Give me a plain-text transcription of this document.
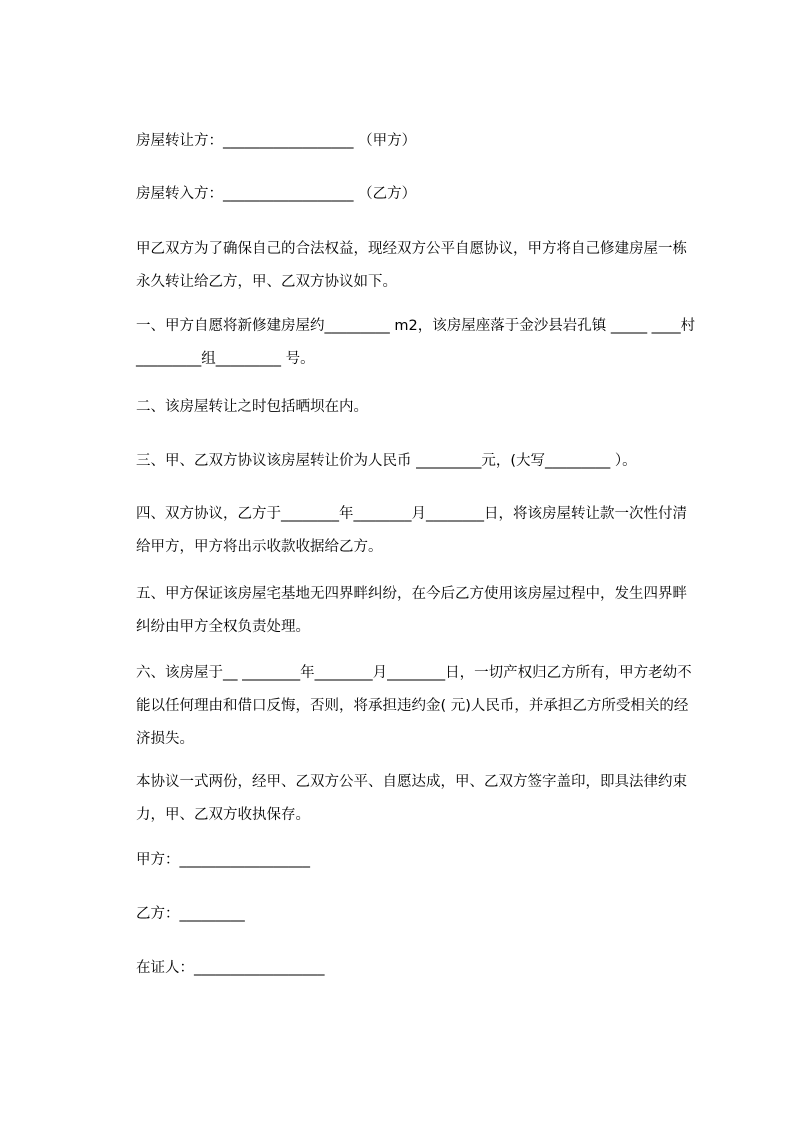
房屋转让方：__________________ （甲方）

房屋转入方：__________________ （乙方）

甲乙双方为了确保自己的合法权益，现经双方公平自愿协议，甲方将自己修建房屋一栋永久转让给乙方，甲、乙双方协议如下。

一、甲方自愿将新修建房屋约_________ m2，该房屋座落于金沙县岩孔镇 _____ ____村 _________组_________ 号。

二、该房屋转让之时包括晒坝在内。

三、甲、乙双方协议该房屋转让价为人民币 _________元，(大写_________ ）。

四、双方协议，乙方于________年________月________日，将该房屋转让款一次性付清给甲方，甲方将出示收款收据给乙方。

五、甲方保证该房屋宅基地无四界畔纠纷，在今后乙方使用该房屋过程中，发生四界畔纠纷由甲方全权负责处理。

六、该房屋于__ ________年________月________日，一切产权归乙方所有，甲方老幼不能以任何理由和借口反悔，否则，将承担违约金( 元)人民币，并承担乙方所受相关的经济损失。

本协议一式两份，经甲、乙双方公平、自愿达成，甲、乙双方签字盖印，即具法律约束力，甲、乙双方收执保存。

甲方：__________________

乙方：_________

在证人：__________________
